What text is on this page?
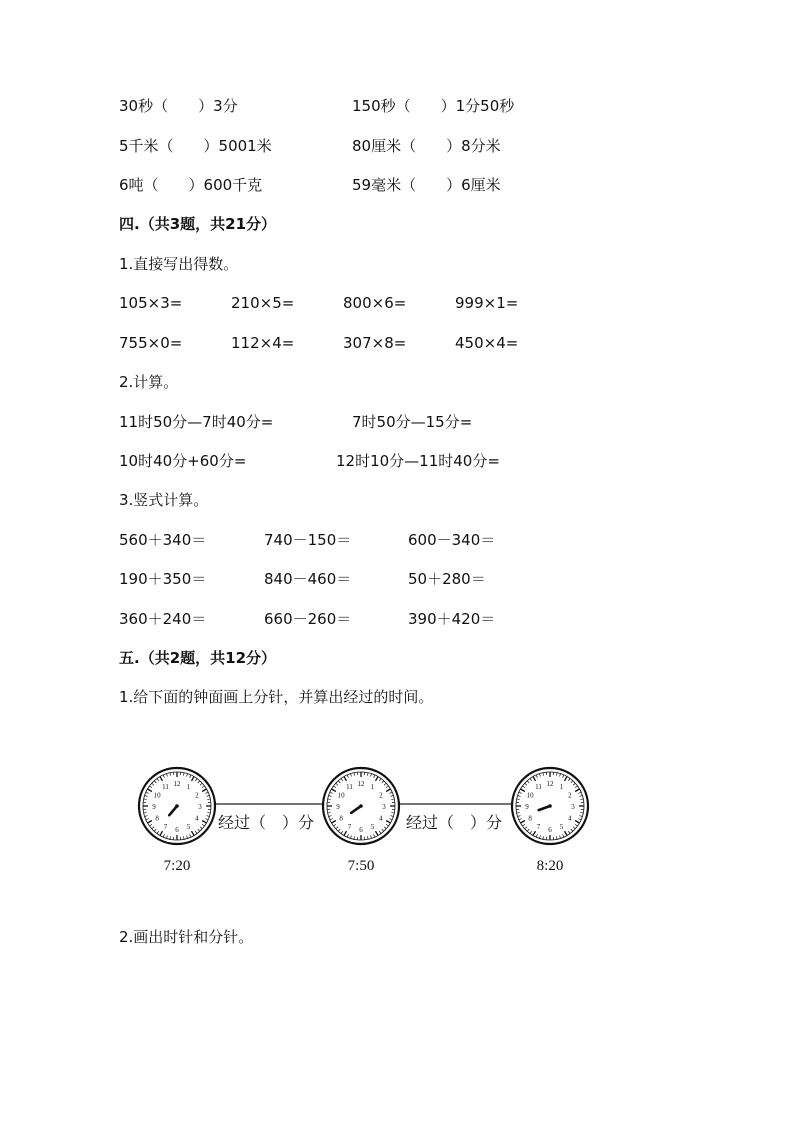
30秒（　　）3分	150秒（　　）1分50秒
5千米（　　）5001米	80厘米（　　）8分米
6吨（　　）600千克	59毫米（　　）6厘米
四.（共3题，共21分）
1.直接写出得数。
105×3=	210×5=	800×6=	999×1=
755×0=	112×4=	307×8=	450×4=
2.计算。
11时50分—7时40分=	7时50分—15分=
10时40分+60分=	12时10分—11时40分=
3.竖式计算。
560＋340＝	740－150＝	600－340＝
190＋350＝	840－460＝	50＋280＝
360＋240＝	660－260＝	390＋420＝
五.（共2题，共12分）
1.给下面的钟面画上分针，并算出经过的时间。
经过（　）分	经过（　）分
12 1
2
3
4
5
6
7
8
9
10
11	12 1
2
3
4
5
6
7
8
9
10
11	12 1
2
3
4
5
6
7
8
9
10
11
7:20	7:50	8:20
2.画出时针和分针。
